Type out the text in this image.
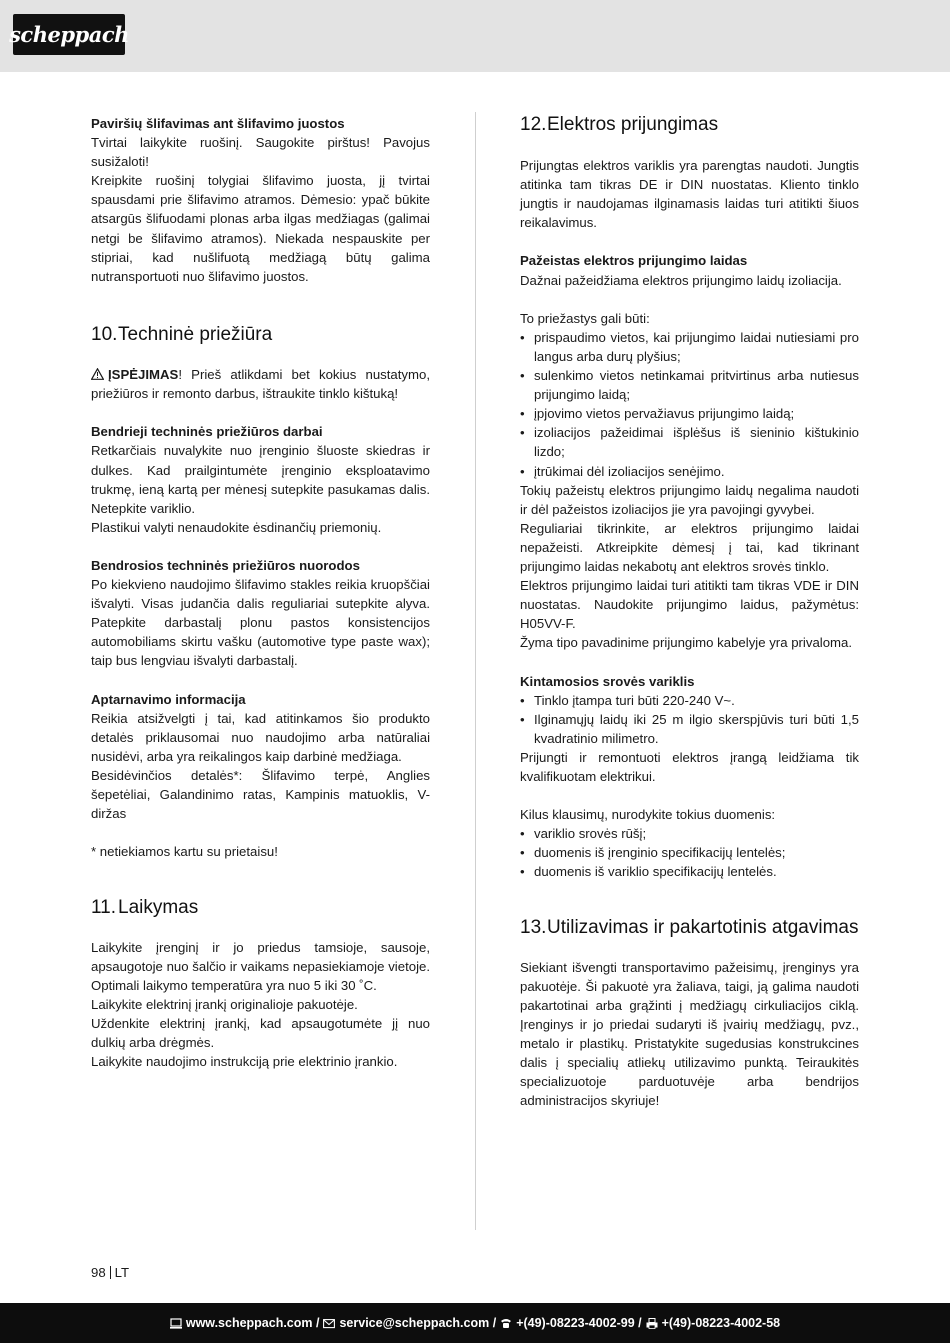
scheppach
Paviršių šlifavimas ant šlifavimo juostos
Tvirtai laikykite ruošinį. Saugokite pirštus! Pavojus susižaloti!
Kreipkite ruošinį tolygiai šlifavimo juosta, jį tvirtai spausdami prie šlifavimo atramos. Dėmesio: ypač būkite atsargūs šlifuodami plonas arba ilgas medžiagas (galimai netgi be šlifavimo atramos). Niekada nespauskite per stipriai, kad nušlifuotą medžiagą būtų galima nutransportuoti nuo šlifavimo juostos.
10. Techninė priežiūra
ĮSPĖJIMAS! Prieš atlikdami bet kokius nustatymo, priežiūros ir remonto darbus, ištraukite tinklo kištuką!
Bendrieji techninės priežiūros darbai
Retkarčiais nuvalykite nuo įrenginio šluoste skiedras ir dulkes. Kad prailgintumėte įrenginio eksploatavimo trukmę, ieną kartą per mėnesį sutepkite pasukamas dalis. Netepkite variklio.
Plastikui valyti nenaudokite ėsdinančių priemonių.
Bendrosios techninės priežiūros nuorodos
Po kiekvieno naudojimo šlifavimo stakles reikia kruopščiai išvalyti. Visas judančia dalis reguliariai sutepkite alyva. Patepkite darbastalį plonu pastos konsistencijos automobiliams skirtu vašku (automotive type paste wax); taip bus lengviau išvalyti darbastalį.
Aptarnavimo informacija
Reikia atsižvelgti į tai, kad atitinkamos šio produkto detalės priklausomai nuo naudojimo arba natūraliai nusidėvi, arba yra reikalingos kaip darbinė medžiaga.
Besidėvinčios detalės*: Šlifavimo terpė, Anglies šepetėliai, Galandinimo ratas, Kampinis matuoklis, V-diržas
* netiekiamos kartu su prietaisu!
11. Laikymas
Laikykite įrenginį ir jo priedus tamsioje, sausoje, apsaugotoje nuo šalčio ir vaikams nepasiekiamoje vietoje. Optimali laikymo temperatūra yra nuo 5 iki 30 ˚C.
Laikykite elektrinį įrankį originalioje pakuotėje.
Uždenkite elektrinį įrankį, kad apsaugotumėte jį nuo dulkių arba drėgmės.
Laikykite naudojimo instrukciją prie elektrinio įrankio.
12. Elektros prijungimas
Prijungtas elektros variklis yra parengtas naudoti. Jungtis atitinka tam tikras DE ir DIN nuostatas. Kliento tinklo jungtis ir naudojamas ilginamasis laidas turi atitikti šiuos reikalavimus.
Pažeistas elektros prijungimo laidas
Dažnai pažeidžiama elektros prijungimo laidų izoliacija.
To priežastys gali būti:
• prispaudimo vietos, kai prijungimo laidai nutiesiami pro langus arba durų plyšius;
• sulenkimo vietos netinkamai pritvirtinus arba nutiesus prijungimo laidą;
• įpjovimo vietos pervažiavus prijungimo laidą;
• izoliacijos pažeidimai išplėšus iš sieninio kištukinio lizdo;
• įtrūkimai dėl izoliacijos senėjimo.
Tokių pažeistų elektros prijungimo laidų negalima naudoti ir dėl pažeistos izoliacijos jie yra pavojingi gyvybei.
Reguliariai tikrinkite, ar elektros prijungimo laidai nepažeisti. Atkreipkite dėmesį į tai, kad tikrinant prijungimo laidas nekabotų ant elektros srovės tinklo.
Elektros prijungimo laidai turi atitikti tam tikras VDE ir DIN nuostatas. Naudokite prijungimo laidus, pažymėtus: H05VV-F.
Žyma tipo pavadinime prijungimo kabelyje yra privaloma.
Kintamosios srovės variklis
• Tinklo įtampa turi būti 220-240 V~.
• Ilginamųjų laidų iki 25 m ilgio skerspjūvis turi būti 1,5 kvadratinio milimetro.
Prijungti ir remontuoti elektros įrangą leidžiama tik kvalifikuotam elektrikui.
Kilus klausimų, nurodykite tokius duomenis:
• variklio srovės rūšį;
• duomenis iš įrenginio specifikacijų lentelės;
• duomenis iš variklio specifikacijų lentelės.
13.Utilizavimas ir pakartotinis atgavimas
Siekiant išvengti transportavimo pažeisimų, įrenginys yra pakuotėje. Ši pakuotė yra žaliava, taigi, ją galima naudoti pakartotinai arba grąžinti į medžiagų cirkuliacijos ciklą. Įrenginys ir jo priedai sudaryti iš įvairių medžiagų, pvz., metalo ir plastikų. Pristatykite sugedusias konstrukcines dalis į specialių atliekų utilizavimo punktą. Teiraukitės specializuotoje parduotuvėje arba bendrijos administracijos skyriuje!
98 LT
www.scheppach.com / service@scheppach.com / +(49)-08223-4002-99 / +(49)-08223-4002-58
